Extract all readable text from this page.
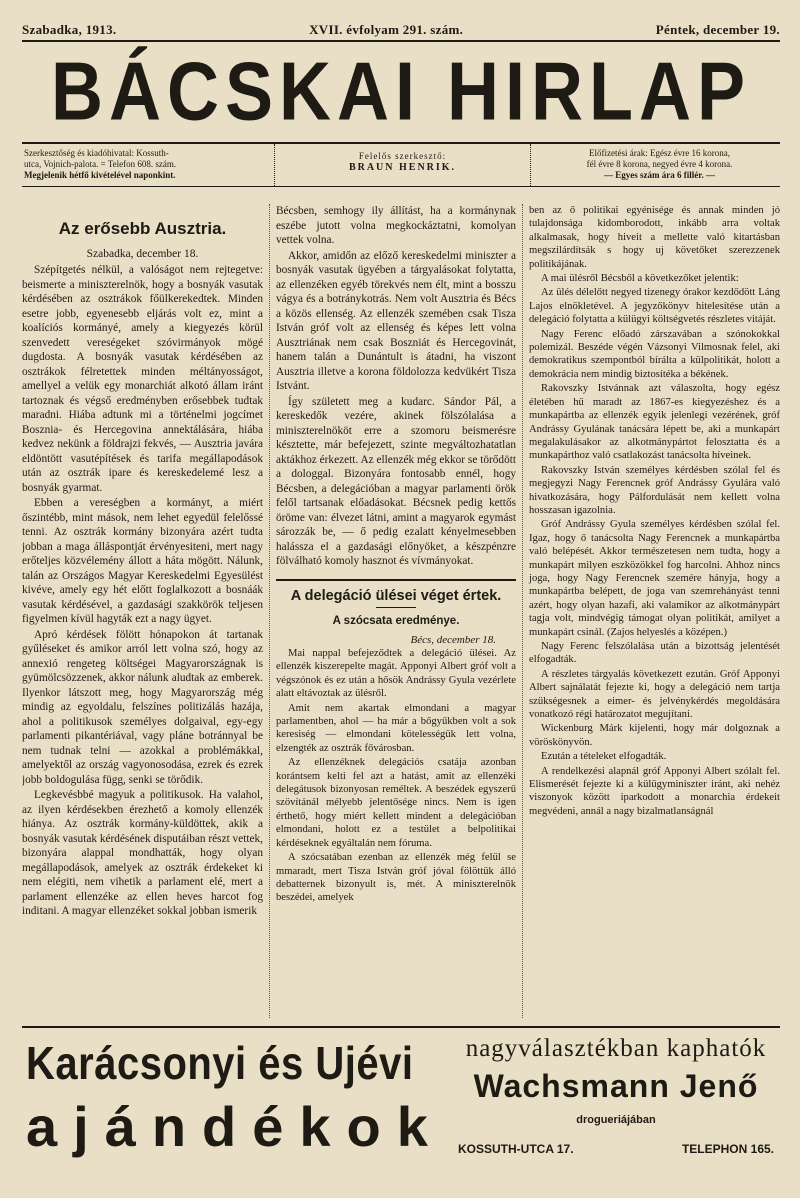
Szabadka, 1913.	XVII. évfolyam 291. szám.	Péntek, december 19.
BÁCSKAI HIRLAP
Szerkesztőség és kiadóhivatal: Kossuth-
utca, Vojnich-palota. = Telefon 608. szám.
Megjelenik hétfő kivételével naponkint.
Felelős szerkesztő:
BRAUN HENRIK.
Előfizetési árak: Egész évre 16 korona,
fél évre 8 korona, negyed évre 4 korona.
— Egyes szám ára 6 fillér. —
Az erősebb Ausztria.
Szabadka, december 18.

Szépítgetés nélkül, a valóságot nem rejtegetve: beismerte a miniszterelnök, hogy a bosnyák vasutak kérdésében az osztrákok főülkerekedtek. Minden esetre jobb, egyenesebb eljárás volt ez, mint a koalíciós kormányé, amely a kiegyezés körül szenvedett vereségeket szóvirmányok mögé dugdosta. A bosnyák vasutak kérdésében az osztrákok félretettek minden méltányosságot, amellyel a velük egy monarchiát alkotó állam iránt tartoznak és végső eredményben erősebbek tudtak maradni. Hiába adtunk mi a történelmi jogcímet Bosznia- és Hercegovina annektálására, hiába kedvez nekünk a földrajzi fekvés, — Ausztria javára eldöntött vasutépítések és tarifa megállapodások után az osztrák ipare és kereskedelemé lesz a bosnyák gyarmat.

Ebben a vereségben a kormányt, a miért őszintébb, mint mások, nem lehet egyedül felelőssé tenni. Az osztrák kormány bizonyára azért tudta jobban a maga álláspontját érvényesiteni, mert nagy erőteljes közvélemény állott a háta mögött. Nálunk, talán az Országos Magyar Kereskedelmi Egyesülést kivéve, amely egy hét előtt foglalkozott a bosnáák vasutak kérdésével, a gazdasági szakkörök teljesen figyelmen kívül hagyták ezt a nagy ügyet.

Apró kérdések fölött hónapokon át tartanak gyűléseket és amikor arról lett volna szó, hogy az annexió rengeteg költségei Magyarországnak is gyümölcsözzenek, akkor nálunk aludtak az emberek. Ilyenkor látszott meg, hogy Magyarország még mindig az egyoldalu, felszínes politizálás hazája, ahol a politikusok személyes dolgaival, egy-egy parlamenti pikantériával, vagy pláne botránnyal be nem tudnak telni — azokkal a problémákkal, amelyektől az ország vagyonosodása, ezrek és ezrek jobb boldogulása függ, senki se törődik.

Legkevésbbé magyuk a politikusok. Ha valahol, az ilyen kérdésekben érezhető a komoly ellenzék hiánya. Az osztrák kormány-küldöttek, akik a bosnyák vasutak kérdésének disputáiban részt vettek, bizonyára alappal mondhatták, hogy olyan megállapodások, amelyek az osztrák érdekeket ki nem elégiti, nem vihetik a parlament elé, mert a parlament ellenzéke az ellen heves harcot fog inditani. A magyar ellenzéket sokkal jobban ismerik

Bécsben, semhogy ily állítást, ha a kormánynak eszébe jutott volna megkockáztatni, komolyan vettek volna.

Akkor, amidőn az előző kereskedelmi miniszter a bosnyák vasutak ügyében a tárgyalásokat folytatta, az ellenzéken egyéb törekvés nem élt, mint a bosszu vágya és a botránykotrás. Nem volt Ausztria és Bécs a közös ellenség. Az ellenzék szemében csak Tisza István gróf volt az ellenség és képes lett volna Ausztriának nem csak Boszniát és Hercegovinát, hanem talán a Dunántult is átadni, ha viszont Ausztria illetve a korona földolozza kedvükért Tisza Istvánt.

Így született meg a kudarc. Sándor Pál, a kereskedők vezére, akinek fölszólalása a miniszterelnököt erre a szomoru beismerésre késztette, már befejezett, szinte megváltozhatatlan aktákhoz érkezett. Az ellenzék még ekkor se törődött a dologgal. Bizonyára fontosabb ennél, hogy Bécsben, a delegációban a magyar parlamenti örök felől tartsanak előadásokat. Bécsnek pedig kettős öröme van: élvezet látni, amint a magyarok egymást sározzák be, — ő pedig ezalatt kényelmesebben halássza el a gazdasági előnyöket, a készpénzre fölválható komoly hasznot és vívmányokat.

A delegáció ülései véget értek.
A szócsata eredménye.
Bécs, december 18.

Mai nappal befejeződtek a delegáció ülései. Az ellenzék kiszerepelte magát. Apponyi Albert gróf volt a végszónok és ez után a hősök Andrássy Gyula vezérlete alatt eltávoztak az ülésről.

Amit nem akartak elmondani a magyar parlamentben, ahol — ha már a bőgyűkben volt a sok keresiség — elmondani kötelességük lett volna, elzengték az osztrák fővárosban.

Az ellenzéknek delegációs csatája azonban korántsem kelti fel azt a hatást, amit az ellenzéki delegátusok bizonyosan reméltek. A beszédek egyszerű szövítánál mélyebb jelentősége nincs. Nem is igen érthető, hogy miért kellett mindent a delegációban elmondani, holott ez a testület a belpolitikai kérdéseknek egyáltalán nem fóruma.

A szócsatában ezenban az ellenzék még felül se mmaradt, mert Tisza István gróf jóval fölöttük álló debatternek bizonyult is, mét. A miniszterelnök beszédei, amelyek

ben az ő politikai egyénisége és annak minden jó tulajdonsága kidomborodott, inkább arra voltak alkalmasak, hogy hiveit a mellette való kitartásban megszilárdítsák s hogy uj követőket szerezzenek politikájának.

A mai ülésről Bécsből a következőket jelentik:

Az ülés délelőtt negyed tizenegy órakor kezdődött Láng Lajos elnökletével. A jegyzőkönyv hitelesítése után a delegáció folytatta a külügyi költségvetés részletes vitáját.

Nagy Ferenc előadó zárszavában a szónokokkal polemizál. Beszéde végén Vázsonyi Vilmosnak felel, aki demokratikus szempontból bírálta a külpolitikát, holott a demokrácia nem mindig biztosítéka a békének.

Rakovszky Istvánnak azt válaszolta, hogy egész életében hű maradt az 1867-es kiegyezéshez és a munkapártba az ellenzék egyik jelenlegi vezérének, gróf Andrássy Gyulának tanácsára lépett be, aki a munkapárt megalakulásakor az alkotmánypártot felosztatta és a munkapárthoz való csatlakozást tanácsolta híveinek.

Rakovszky István személyes kérdésben szólal fel és megjegyzi Nagy Ferencnek gróf Andrássy Gyulára való hivatkozására, hogy Pálfordulását nem kellett volna hosszasan igazolnia.

Gróf Andrássy Gyula személyes kérdésben szólal fel. Igaz, hogy ő tanácsolta Nagy Ferencnek a munkapártba való belépését. Akkor természetesen nem tudta, hogy a munkapárt milyen eszközökkel fog harcolni. Ahhoz nincs joga, hogy Nagy Ferencnek szemére hányja, hogy a munkapártba belépett, de joga van szemrehányást tenni azért, hogy olyan hazafi, aki valamikor az alkotmánypárt tagja volt, mindvégig támogat olyan politikát, amilyet a munkapárt csinál. (Zajos helyeslés a középen.)

Nagy Ferenc felszólalása után a bizottság jelentését elfogadták.

A részletes tárgyalás következett ezután. Gróf Apponyi Albert sajnálatát fejezte ki, hogy a delegáció nem tartja szükségesnek a eimer- és jelvénykérdés megoldására vonatkozó régi határozatot megujítani.

Wickenburg Márk kijelenti, hogy már dolgoznak a vöröskönyvön.

Ezután a tételeket elfogadták.

A rendelkezési alapnál gróf Apponyi Albert szólalt fel. Elismerését fejezte ki a külügyminiszter iránt, aki nehéz viszonyok között iparkodott a monarchia érdekeit megvédeni, annál a nagy bizalmatlanságnál

Karácsonyi és Ujévi
ajándékok
nagyválasztékban kaphatók
Wachsmann Jenő
drogueriájában
KOSSUTH-UTCA 17.	TELEPHON 165.
